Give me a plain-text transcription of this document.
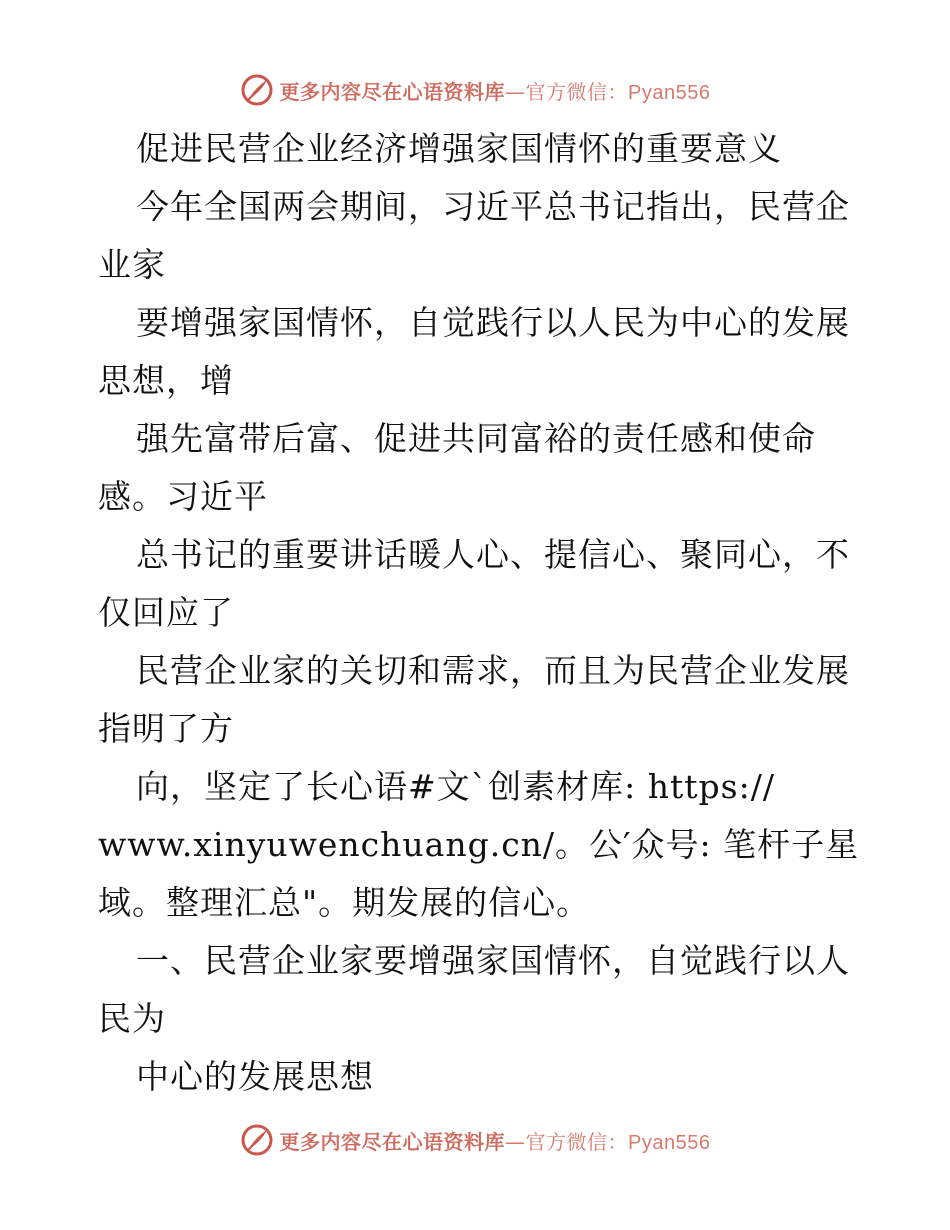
更多内容尽在心语资料库—官方微信：Pyan556
促进民营企业经济增强家国情怀的重要意义
今年全国两会期间，习近平总书记指出，民营企
业家
要增强家国情怀，自觉践行以人民为中心的发展
思想，增
强先富带后富、促进共同富裕的责任感和使命
感。习近平
总书记的重要讲话暖人心、提信心、聚同心，不
仅回应了
民营企业家的关切和需求，而且为民营企业发展
指明了方
向，坚定了长心语#文`创素材库: https://
www.xinyuwenchuang.cn/。公′众号: 笔杆子星
域。整理汇总"。期发展的信心。
一、民营企业家要增强家国情怀，自觉践行以人
民为
中心的发展思想
更多内容尽在心语资料库—官方微信：Pyan556
